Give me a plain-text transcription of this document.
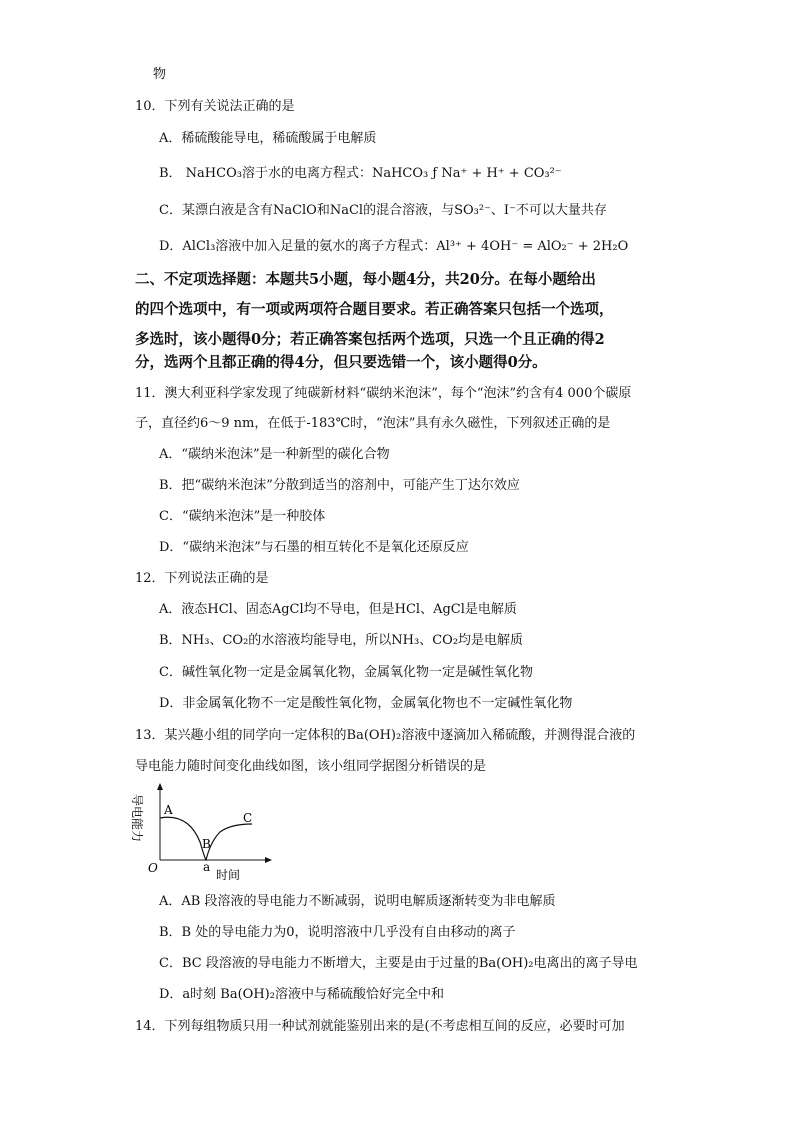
物
10．下列有关说法正确的是
A．稀硫酸能导电，稀硫酸属于电解质
B． NaHCO₃溶于水的电离方程式：NaHCO₃ ƒ Na⁺ + H⁺ + CO₃²⁻
C．某漂白液是含有NaClO和NaCl的混合溶液，与SO₃²⁻、I⁻不可以大量共存
D．AlCl₃溶液中加入足量的氨水的离子方程式：Al³⁺ + 4OH⁻ = AlO₂⁻ + 2H₂O
二、不定项选择题：本题共5小题，每小题4分，共20分。在每小题给出
的四个选项中，有一项或两项符合题目要求。若正确答案只包括一个选项，
多选时，该小题得0分；若正确答案包括两个选项，只选一个且正确的得2
分，选两个且都正确的得4分，但只要选错一个，该小题得0分。
11．澳大利亚科学家发现了纯碳新材料“碳纳米泡沫”，每个“泡沫”约含有4 000个碳原
子，直径约6～9 nm，在低于-183℃时，“泡沫”具有永久磁性，下列叙述正确的是
A．“碳纳米泡沫”是一种新型的碳化合物
B．把“碳纳米泡沫”分散到适当的溶剂中，可能产生丁达尔效应
C．“碳纳米泡沫”是一种胶体
D．“碳纳米泡沫”与石墨的相互转化不是氧化还原反应
12．下列说法正确的是
A．液态HCl、固态AgCl均不导电，但是HCl、AgCl是电解质
B．NH₃、CO₂的水溶液均能导电，所以NH₃、CO₂均是电解质
C．碱性氧化物一定是金属氧化物，金属氧化物一定是碱性氧化物
D．非金属氧化物不一定是酸性氧化物，金属氧化物也不一定碱性氧化物
13．某兴趣小组的同学向一定体积的Ba(OH)₂溶液中逐滴加入稀硫酸，并测得混合液的
导电能力随时间变化曲线如图，该小组同学据图分析错误的是
导电能力 A
B
C
a
O	时间
A．AB 段溶液的导电能力不断减弱，说明电解质逐渐转变为非电解质
B．B 处的导电能力为0，说明溶液中几乎没有自由移动的离子
C．BC 段溶液的导电能力不断增大，主要是由于过量的Ba(OH)₂电离出的离子导电
D．a时刻 Ba(OH)₂溶液中与稀硫酸恰好完全中和
14．下列每组物质只用一种试剂就能鉴别出来的是(不考虑相互间的反应，必要时可加
